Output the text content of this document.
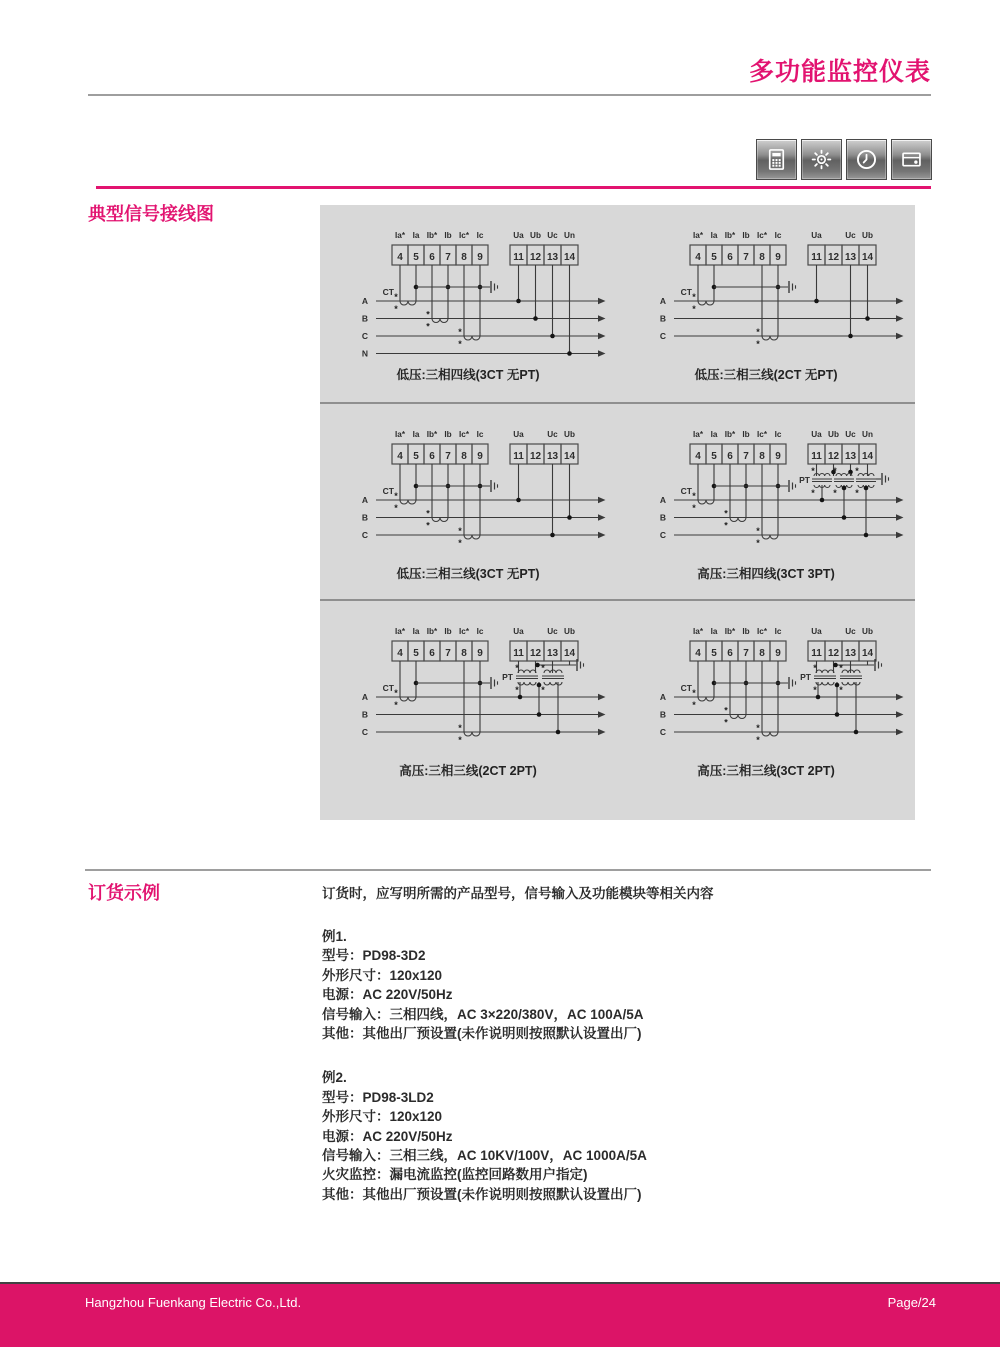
多功能监控仪表
典型信号接线图
Ia* Ia Ib* Ib Ic* Ic
4 5 6 7 8 9
Ua Ub Uc Un
11 12 13 14
A
B
C
N
*
*
*
*
*
*
CT
低压:三相四线(3CT 无PT)
Ia* Ia Ib* Ib Ic* Ic
4 5 6 7 8 9
Ua	Uc Ub
11 12 13 14
A
B
C
*
*
*
*
CT
低压:三相三线(2CT 无PT)
Ia* Ia Ib* Ib Ic* Ic
4 5 6 7 8 9
Ua	Uc Ub
11 12 13 14
A
B
C
*
*
*
*
*
*
CT
低压:三相三线(3CT 无PT)
Ia* Ia Ib* Ib Ic* Ic
4 5 6 7 8 9
Ua Ub Uc Un
11 12 13 14
A
B
C
*
*
*
*
*
*
CT
*
*
*
*
*
*
PT
高压:三相四线(3CT 3PT)
Ia* Ia Ib* Ib Ic* Ic
4 5 6 7 8 9
Ua	Uc Ub
11 12 13 14
A
B
C
*
*
*
*
CT
*
*
*
*
PT
高压:三相三线(2CT 2PT)
Ia* Ia Ib* Ib Ic* Ic
4 5 6 7 8 9
Ua	Uc Ub
11 12 13 14
A
B
C
*
*
*
*
*
*
CT
*
*
*
*
PT
高压:三相三线(3CT 2PT)
订货示例	订货时，应写明所需的产品型号，信号输入及功能模块等相关内容
例1.
型号：PD98-3D2
外形尺寸：120x120
电源：AC 220V/50Hz
信号输入：三相四线，AC 3×220/380V，AC 100A/5A
其他：其他出厂预设置(未作说明则按照默认设置出厂)
例2.
型号：PD98-3LD2
外形尺寸：120x120
电源：AC 220V/50Hz
信号输入：三相三线，AC 10KV/100V，AC 1000A/5A
火灾监控：漏电流监控(监控回路数用户指定)
其他：其他出厂预设置(未作说明则按照默认设置出厂)
Hangzhou Fuenkang Electric Co.,Ltd.	Page/24
